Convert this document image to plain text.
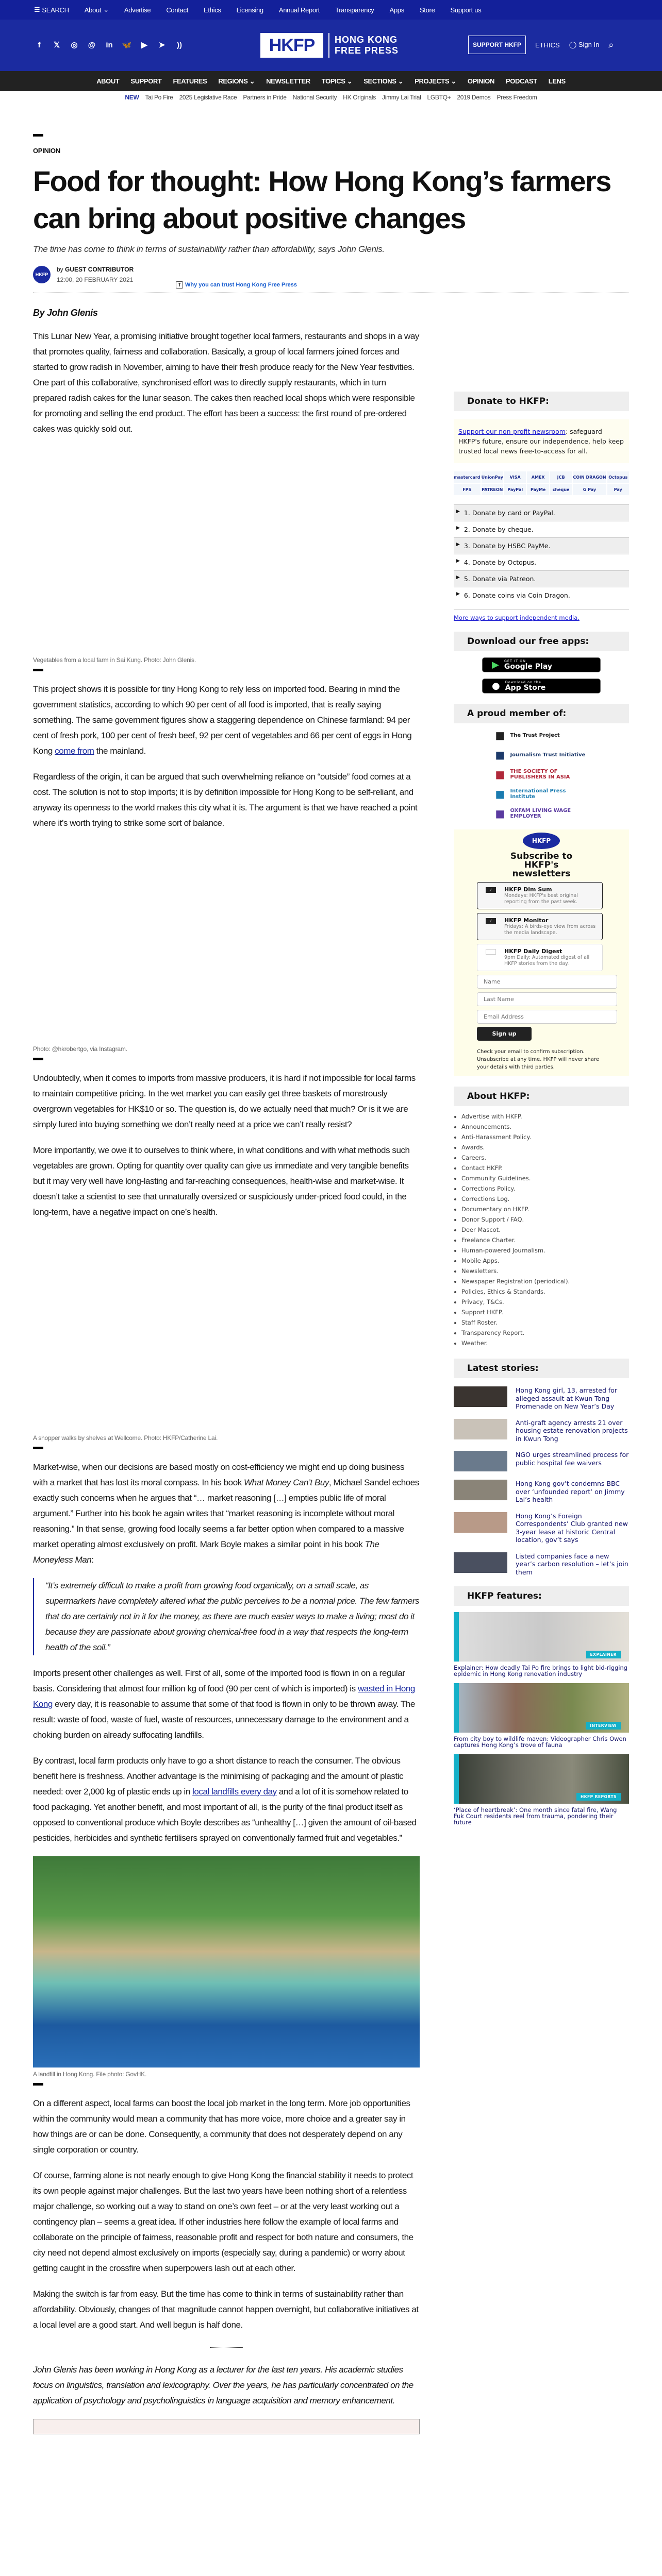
☰ SEARCH About ⌄ Advertise Contact Ethics Licensing Annual Report Transparency Apps Store Support us
f	𝕏 ◎ @ in 🦋 ▶ ➤	))	HKFP	HONG KONG
FREE PRESS
SUPPORT HKFP	ETHICS ◯ Sign In ⌕
ABOUT SUPPORT FEATURES REGIONS ⌄ NEWSLETTER TOPICS ⌄ SECTIONS ⌄ PROJECTS ⌄ OPINION PODCAST LENS
NEW Tai Po Fire 2025 Legislative Race Partners in Pride National Security HK Originals Jimmy Lai Trial LGBTQ+ 2019 Demos Press Freedom
OPINION
Food for thought: How Hong Kong’s farmers can bring about positive changes
The time has come to think in terms of sustainability rather than affordability, says John Glenis.
HKFP
by GUEST CONTRIBUTOR
12:00, 20 FEBRUARY 2021
T Why you can trust Hong Kong Free Press
By John Glenis

This Lunar New Year, a promising initiative brought together local farmers, restaurants and shops in a way that promotes quality, fairness and collaboration. Basically, a group of local farmers joined forces and started to grow radish in November, aiming to have their fresh produce ready for the New Year festivities. One part of this collaborative, synchronised effort was to directly supply restaurants, which in turn prepared radish cakes for the lunar season. The cakes then reached local shops which were responsible for promoting and selling the end product. The effort has been a success: the first round of pre-ordered cakes was quickly sold out.

Vegetables from a local farm in Sai Kung. Photo: John Glenis.

This project shows it is possible for tiny Hong Kong to rely less on imported food. Bearing in mind the government statistics, according to which 90 per cent of all food is imported, that is really saying something. The same government figures show a staggering dependence on Chinese farmland: 94 per cent of fresh pork, 100 per cent of fresh beef, 92 per cent of vegetables and 66 per cent of eggs in Hong Kong come from the mainland.

Regardless of the origin, it can be argued that such overwhelming reliance on “outside” food comes at a cost. The solution is not to stop imports; it is by definition impossible for Hong Kong to be self-reliant, and anyway its openness to the world makes this city what it is. The argument is that we have reached a point where it’s worth trying to strike some sort of balance.

Photo: @hkrobertgo, via Instagram.

Undoubtedly, when it comes to imports from massive producers, it is hard if not impossible for local farms to maintain competitive pricing. In the wet market you can easily get three baskets of monstrously overgrown vegetables for HK$10 or so. The question is, do we actually need that much? Or is it we are simply lured into buying something we don’t really need at a price we can’t really resist?

More importantly, we owe it to ourselves to think where, in what conditions and with what methods such vegetables are grown. Opting for quantity over quality can give us immediate and very tangible benefits but it may very well have long-lasting and far-reaching consequences, health-wise and market-wise. It doesn’t take a scientist to see that unnaturally oversized or suspiciously under-priced food could, in the long-term, have a negative impact on one’s health.

A shopper walks by shelves at Wellcome. Photo: HKFP/Catherine Lai.

Market-wise, when our decisions are based mostly on cost-efficiency we might end up doing business with a market that has lost its moral compass. In his book What Money Can’t Buy, Michael Sandel echoes exactly such concerns when he argues that “… market reasoning […] empties public life of moral argument.” Further into his book he again writes that “market reasoning is incomplete without moral reasoning.” In that sense, growing food locally seems a far better option when compared to a massive market operating almost exclusively on profit. Mark Boyle makes a similar point in his book The Moneyless Man:

“It’s extremely difficult to make a profit from growing food organically, on a small scale, as supermarkets have completely altered what the public perceives to be a normal price. The few farmers that do are certainly not in it for the money, as there are much easier ways to make a living; most do it because they are passionate about growing chemical-free food in a way that respects the long-term health of the soil.”

Imports present other challenges as well. First of all, some of the imported food is flown in on a regular basis. Considering that almost four million kg of food (90 per cent of which is imported) is wasted in Hong Kong every day, it is reasonable to assume that some of that food is flown in only to be thrown away. The result: waste of food, waste of fuel, waste of resources, unnecessary damage to the environment and a choking burden on already suffocating landfills.

By contrast, local farm products only have to go a short distance to reach the consumer. The obvious benefit here is freshness. Another advantage is the minimising of packaging and the amount of plastic needed: over 2,000 kg of plastic ends up in local landfills every day and a lot of it is somehow related to food packaging. Yet another benefit, and most important of all, is the purity of the final product itself as opposed to conventional produce which Boyle describes as “unhealthy […] given the amount of oil-based pesticides, herbicides and synthetic fertilisers sprayed on conventionally farmed fruit and vegetables.”

A landfill in Hong Kong. File photo: GovHK.

On a different aspect, local farms can boost the local job market in the long term. More job opportunities within the community would mean a community that has more voice, more choice and a greater say in how things are or can be done. Consequently, a community that does not desperately depend on any single corporation or country.

Of course, farming alone is not nearly enough to give Hong Kong the financial stability it needs to protect its own people against major challenges. But the last two years have been nothing short of a relentless major challenge, so working out a way to stand on one’s own feet – or at the very least working out a contingency plan – seems a great idea. If other industries here follow the example of local farms and collaborate on the principle of fairness, reasonable profit and respect for both nature and consumers, the city need not depend almost exclusively on imports (especially say, during a pandemic) or worry about getting caught in the crossfire when superpowers lash out at each other.

Making the switch is far from easy. But the time has come to think in terms of sustainability rather than affordability. Obviously, changes of that magnitude cannot happen overnight, but collaborative initiatives at a local level are a good start. And well begun is half done.

John Glenis has been working in Hong Kong as a lecturer for the last ten years. His academic studies focus on linguistics, translation and lexicography. Over the years, he has particularly concentrated on the application of psychology and psycholinguistics in language acquisition and memory enhancement.
Donate to HKFP:
Support our non-profit newsroom: safeguard HKFP's future, ensure our independence, help keep trusted local news free-to-access for all.
mastercard UnionPay	VISA	AMEX	JCB	COIN DRAGON Octopus
FPS	PATREON	PayPal	PayMe	cheque	G Pay	Pay
▶ 1. Donate by card or PayPal.
▶ 2. Donate by cheque.
▶ 3. Donate by HSBC PayMe.
▶ 4. Donate by Octopus.
▶ 5. Donate via Patreon.
▶ 6. Donate coins via Coin Dragon.
More ways to support independent media.
Download our free apps:
▶ GET IT ON
Google Play
● Download on the
App Store
A proud member of:
■ The Trust Project
■ Journalism Trust Initiative
■ THE SOCIETY OF PUBLISHERS IN ASIA
■ International Press Institute
■ OXFAM LIVING WAGE EMPLOYER
HKFP
Subscribe to HKFP's newsletters
✓	HKFP Dim Sum
Mondays: HKFP's best original reporting from the past week.
✓	HKFP Monitor
Fridays: A birds-eye view from across the media landscape.
HKFP Daily Digest
9pm Daily: Automated digest of all HKFP stories from the day.
Name
Last Name
Email Address Sign up
Check your email to confirm subscription. Unsubscribe at any time. HKFP will never share your details with third parties.
About HKFP:
• Advertise with HKFP.
• Announcements.
• Anti-Harassment Policy.
• Awards.
• Careers.
• Contact HKFP.
• Community Guidelines.
• Corrections Policy.
• Corrections Log.
• Documentary on HKFP.
• Donor Support / FAQ.
• Deer Mascot.
• Freelance Charter.
• Human-powered Journalism.
• Mobile Apps.
• Newsletters.
• Newspaper Registration (periodical).
• Policies, Ethics & Standards.
• Privacy, T&Cs.
• Support HKFP.
• Staff Roster.
• Transparency Report.
• Weather.
Latest stories:
Hong Kong girl, 13, arrested for alleged assault at Kwun Tong Promenade on New Year’s Day
Anti-graft agency arrests 21 over housing estate renovation projects in Kwun Tong
NGO urges streamlined process for public hospital fee waivers
Hong Kong gov’t condemns BBC over ‘unfounded report’ on Jimmy Lai’s health
Hong Kong’s Foreign Correspondents’ Club granted new 3-year lease at historic Central location, gov’t says
Listed companies face a new year’s carbon resolution – let’s join them
HKFP features:
EXPLAINER
Explainer: How deadly Tai Po fire brings to light bid-rigging epidemic in Hong Kong renovation industry
INTERVIEW
From city boy to wildlife maven: Videographer Chris Owen captures Hong Kong’s trove of fauna
HKFP REPORTS
‘Place of heartbreak’: One month since fatal fire, Wang Fuk Court residents reel from trauma, pondering their future
